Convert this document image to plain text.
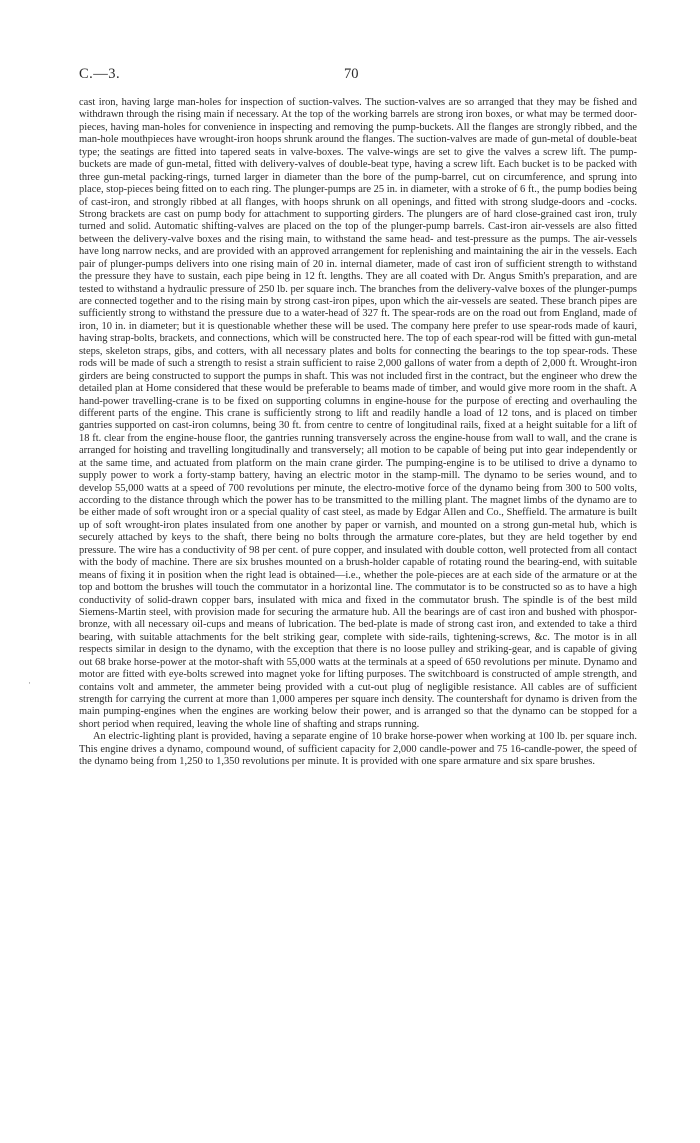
C.—3.	70

cast iron, having large man-holes for inspection of suction-valves. The suction-valves are so arranged that they may be fished and withdrawn through the rising main if necessary. At the top of the working barrels are strong iron boxes, or what may be termed door-pieces, having man-holes for convenience in inspecting and removing the pump-buckets. All the flanges are strongly ribbed, and the man-hole mouthpieces have wrought-iron hoops shrunk around the flanges. The suction-valves are made of gun-metal of double-beat type; the seatings are fitted into tapered seats in valve-boxes. The valve-wings are set to give the valves a screw lift. The pump-buckets are made of gun-metal, fitted with delivery-valves of double-beat type, having a screw lift. Each bucket is to be packed with three gun-metal packing-rings, turned larger in diameter than the bore of the pump-barrel, cut on circumference, and sprung into place, stop-pieces being fitted on to each ring. The plunger-pumps are 25 in. in diameter, with a stroke of 6 ft., the pump bodies being of cast-iron, and strongly ribbed at all flanges, with hoops shrunk on all openings, and fitted with strong sludge-doors and -cocks. Strong brackets are cast on pump body for attachment to supporting girders. The plungers are of hard close-grained cast iron, truly turned and solid. Automatic shifting-valves are placed on the top of the plunger-pump barrels. Cast-iron air-vessels are also fitted between the delivery-valve boxes and the rising main, to withstand the same head- and test-pressure as the pumps. The air-vessels have long narrow necks, and are provided with an approved arrangement for replenishing and maintaining the air in the vessels. Each pair of plunger-pumps delivers into one rising main of 20 in. internal diameter, made of cast iron of sufficient strength to withstand the pressure they have to sustain, each pipe being in 12 ft. lengths. They are all coated with Dr. Angus Smith's preparation, and are tested to withstand a hydraulic pressure of 250 lb. per square inch. The branches from the delivery-valve boxes of the plunger-pumps are connected together and to the rising main by strong cast-iron pipes, upon which the air-vessels are seated. These branch pipes are sufficiently strong to withstand the pressure due to a water-head of 327 ft. The spear-rods are on the road out from England, made of iron, 10 in. in diameter; but it is questionable whether these will be used. The company here prefer to use spear-rods made of kauri, having strap-bolts, brackets, and connections, which will be constructed here. The top of each spear-rod will be fitted with gun-metal steps, skeleton straps, gibs, and cotters, with all necessary plates and bolts for connecting the bearings to the top spear-rods. These rods will be made of such a strength to resist a strain sufficient to raise 2,000 gallons of water from a depth of 2,000 ft. Wrought-iron girders are being constructed to support the pumps in shaft. This was not included first in the contract, but the engineer who drew the detailed plan at Home considered that these would be preferable to beams made of timber, and would give more room in the shaft. A hand-power travelling-crane is to be fixed on supporting columns in engine-house for the purpose of erecting and overhauling the different parts of the engine. This crane is sufficiently strong to lift and readily handle a load of 12 tons, and is placed on timber gantries supported on cast-iron columns, being 30 ft. from centre to centre of longitudinal rails, fixed at a height suitable for a lift of 18 ft. clear from the engine-house floor, the gantries running transversely across the engine-house from wall to wall, and the crane is arranged for hoisting and travelling longitudinally and transversely; all motion to be capable of being put into gear independently or at the same time, and actuated from platform on the main crane girder. The pumping-engine is to be utilised to drive a dynamo to supply power to work a forty-stamp battery, having an electric motor in the stamp-mill. The dynamo to be series wound, and to develop 55,000 watts at a speed of 700 revolutions per minute, the electro-motive force of the dynamo being from 300 to 500 volts, according to the distance through which the power has to be transmitted to the milling plant. The magnet limbs of the dynamo are to be either made of soft wrought iron or a special quality of cast steel, as made by Edgar Allen and Co., Sheffield. The armature is built up of soft wrought-iron plates insulated from one another by paper or varnish, and mounted on a strong gun-metal hub, which is securely attached by keys to the shaft, there being no bolts through the armature core-plates, but they are held together by end pressure. The wire has a conductivity of 98 per cent. of pure copper, and insulated with double cotton, well protected from all contact with the body of machine. There are six brushes mounted on a brush-holder capable of rotating round the bearing-end, with suitable means of fixing it in position when the right lead is obtained—i.e., whether the pole-pieces are at each side of the armature or at the top and bottom the brushes will touch the commutator in a horizontal line. The commutator is to be constructed so as to have a high conductivity of solid-drawn copper bars, insulated with mica and fixed in the commutator brush. The spindle is of the best mild Siemens-Martin steel, with provision made for securing the armature hub. All the bearings are of cast iron and bushed with phospor-bronze, with all necessary oil-cups and means of lubrication. The bed-plate is made of strong cast iron, and extended to take a third bearing, with suitable attachments for the belt striking gear, complete with side-rails, tightening-screws, &c. The motor is in all respects similar in design to the dynamo, with the exception that there is no loose pulley and striking-gear, and is capable of giving out 68 brake horse-power at the motor-shaft with 55,000 watts at the terminals at a speed of 650 revolutions per minute. Dynamo and motor are fitted with eye-bolts screwed into magnet yoke for lifting purposes. The switchboard is constructed of ample strength, and contains volt and ammeter, the ammeter being provided with a cut-out plug of negligible resistance. All cables are of sufficient strength for carrying the current at more than 1,000 amperes per square inch density. The countershaft for dynamo is driven from the main pumping-engines when the engines are working below their power, and is arranged so that the dynamo can be stopped for a short period when required, leaving the whole line of shafting and straps running.

An electric-lighting plant is provided, having a separate engine of 10 brake horse-power when working at 100 lb. per square inch. This engine drives a dynamo, compound wound, of sufficient capacity for 2,000 candle-power and 75 16-candle-power, the speed of the dynamo being from 1,250 to 1,350 revolutions per minute. It is provided with one spare armature and six spare brushes.

·
